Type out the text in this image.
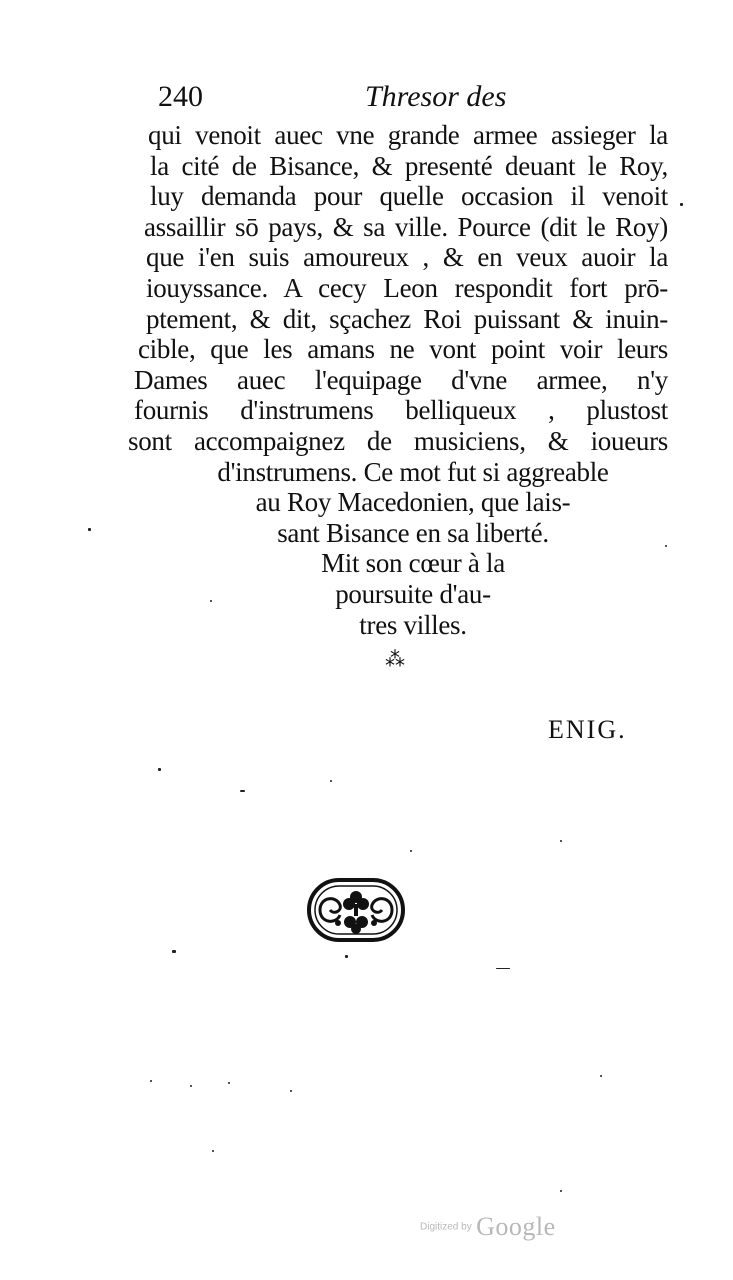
240	Thresor des
qui venoit auec vne grande armee assieger la
la cité de Bisance, & presenté deuant le Roy,
luy demanda pour quelle occasion il venoit
assaillir sō pays, & sa ville. Pource (dit le Roy)
que i'en suis amoureux , & en veux auoir la
iouyssance. A cecy Leon respondit fort prō-
ptement, & dit, sçachez Roi puissant & inuin-
cible, que les amans ne vont point voir leurs
Dames auec l'equipage d'vne armee, n'y
fournis d'instrumens belliqueux , plustost
sont accompaignez de musiciens, & ioueurs
d'instrumens. Ce mot fut si aggreable
au Roy Macedonien, que lais-
sant Bisance en sa liberté.
Mit son cœur à la
poursuite d'au-
tres villes.
⁂
ENIG.
Digitized by Google
